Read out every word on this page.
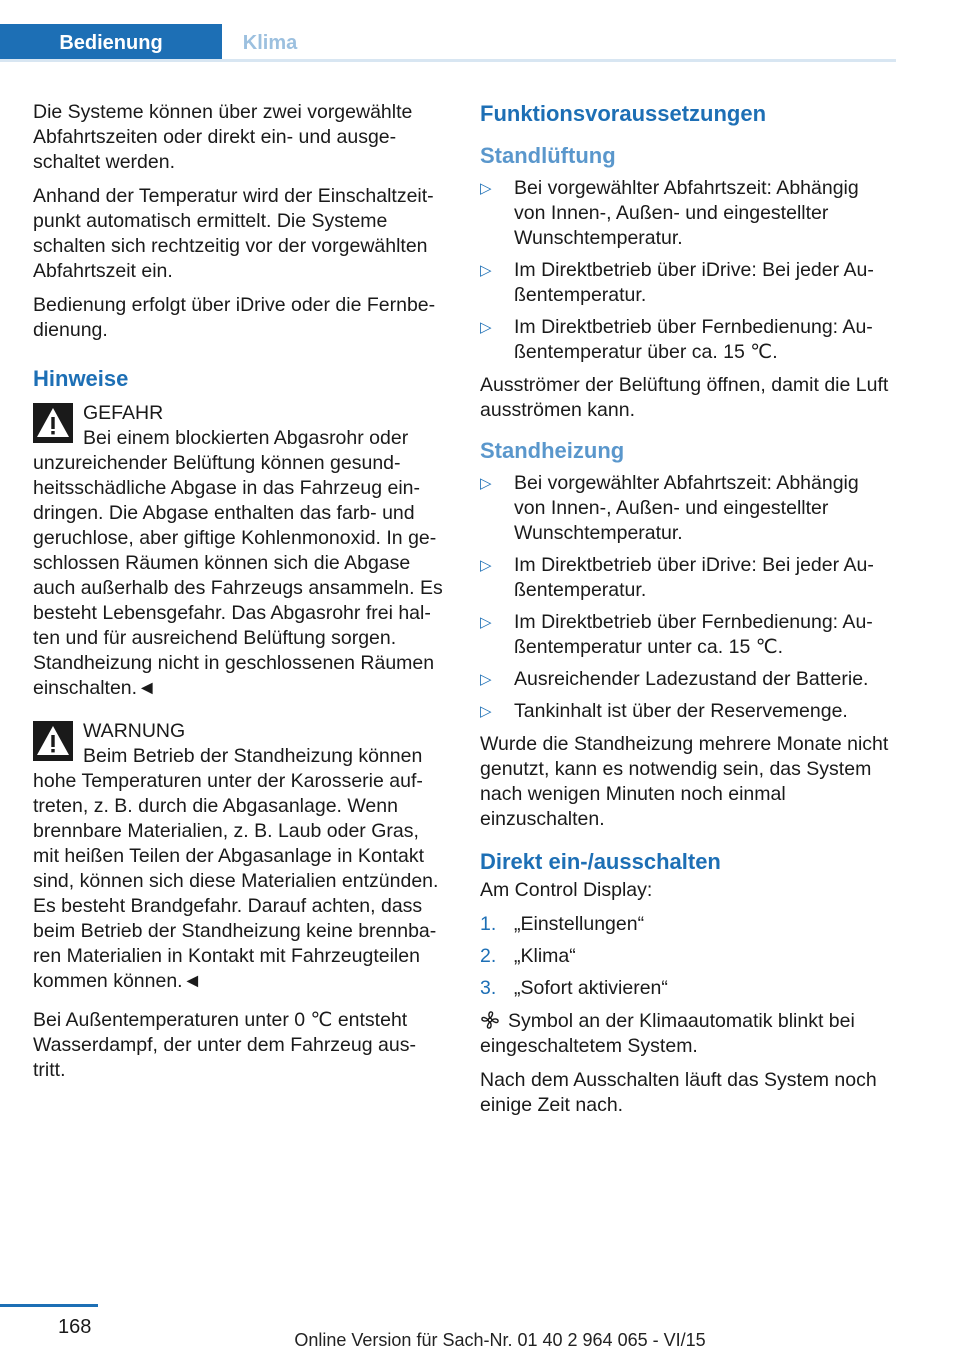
Bedienung	Klima

Die Systeme können über zwei vorgewählte Abfahrtszeiten oder direkt ein- und ausge-schaltet werden.

Anhand der Temperatur wird der Einschaltzeit-punkt automatisch ermittelt. Die Systeme schalten sich rechtzeitig vor der vorgewählten Abfahrtszeit ein.

Bedienung erfolgt über iDrive oder die Fernbe-dienung.

Hinweise
GEFAHR
Bei einem blockierten Abgasrohr oder
unzureichender Belüftung können gesund-heitsschädliche Abgase in das Fahrzeug ein-dringen. Die Abgase enthalten das farb- und geruchlose, aber giftige Kohlenmonoxid. In ge-schlossen Räumen können sich die Abgase auch außerhalb des Fahrzeugs ansammeln. Es besteht Lebensgefahr. Das Abgasrohr frei hal-ten und für ausreichend Belüftung sorgen. Standheizung nicht in geschlossenen Räumen einschalten.◄
WARNUNG
Beim Betrieb der Standheizung können
hohe Temperaturen unter der Karosserie auf-treten, z. B. durch die Abgasanlage. Wenn brennbare Materialien, z. B. Laub oder Gras, mit heißen Teilen der Abgasanlage in Kontakt sind, können sich diese Materialien entzünden. Es besteht Brandgefahr. Darauf achten, dass beim Betrieb der Standheizung keine brennba-ren Materialien in Kontakt mit Fahrzeugteilen kommen können.◄

Bei Außentemperaturen unter 0 ℃ entsteht Wasserdampf, der unter dem Fahrzeug aus-tritt.

Funktionsvoraussetzungen
Standlüftung
▷ Bei vorgewählter Abfahrtszeit: Abhängig von Innen-, Außen- und eingestellter Wunschtemperatur.
▷ Im Direktbetrieb über iDrive: Bei jeder Au-ßentemperatur.
▷ Im Direktbetrieb über Fernbedienung: Au-ßentemperatur über ca. 15 ℃.

Ausströmer der Belüftung öffnen, damit die Luft ausströmen kann.

Standheizung
▷ Bei vorgewählter Abfahrtszeit: Abhängig von Innen-, Außen- und eingestellter Wunschtemperatur.
▷ Im Direktbetrieb über iDrive: Bei jeder Au-ßentemperatur.
▷ Im Direktbetrieb über Fernbedienung: Au-ßentemperatur unter ca. 15 ℃.
▷ Ausreichender Ladezustand der Batterie.
▷ Tankinhalt ist über der Reservemenge.

Wurde die Standheizung mehrere Monate nicht genutzt, kann es notwendig sein, das System nach wenigen Minuten noch einmal einzuschalten.

Direkt ein-/ausschalten

Am Control Display:

1. „Einstellungen“
2. „Klima“
3. „Sofort aktivieren“

Symbol an der Klimaautomatik blinkt bei eingeschaltetem System.

Nach dem Ausschalten läuft das System noch einige Zeit nach.

168
Online Version für Sach-Nr. 01 40 2 964 065 - VI/15
